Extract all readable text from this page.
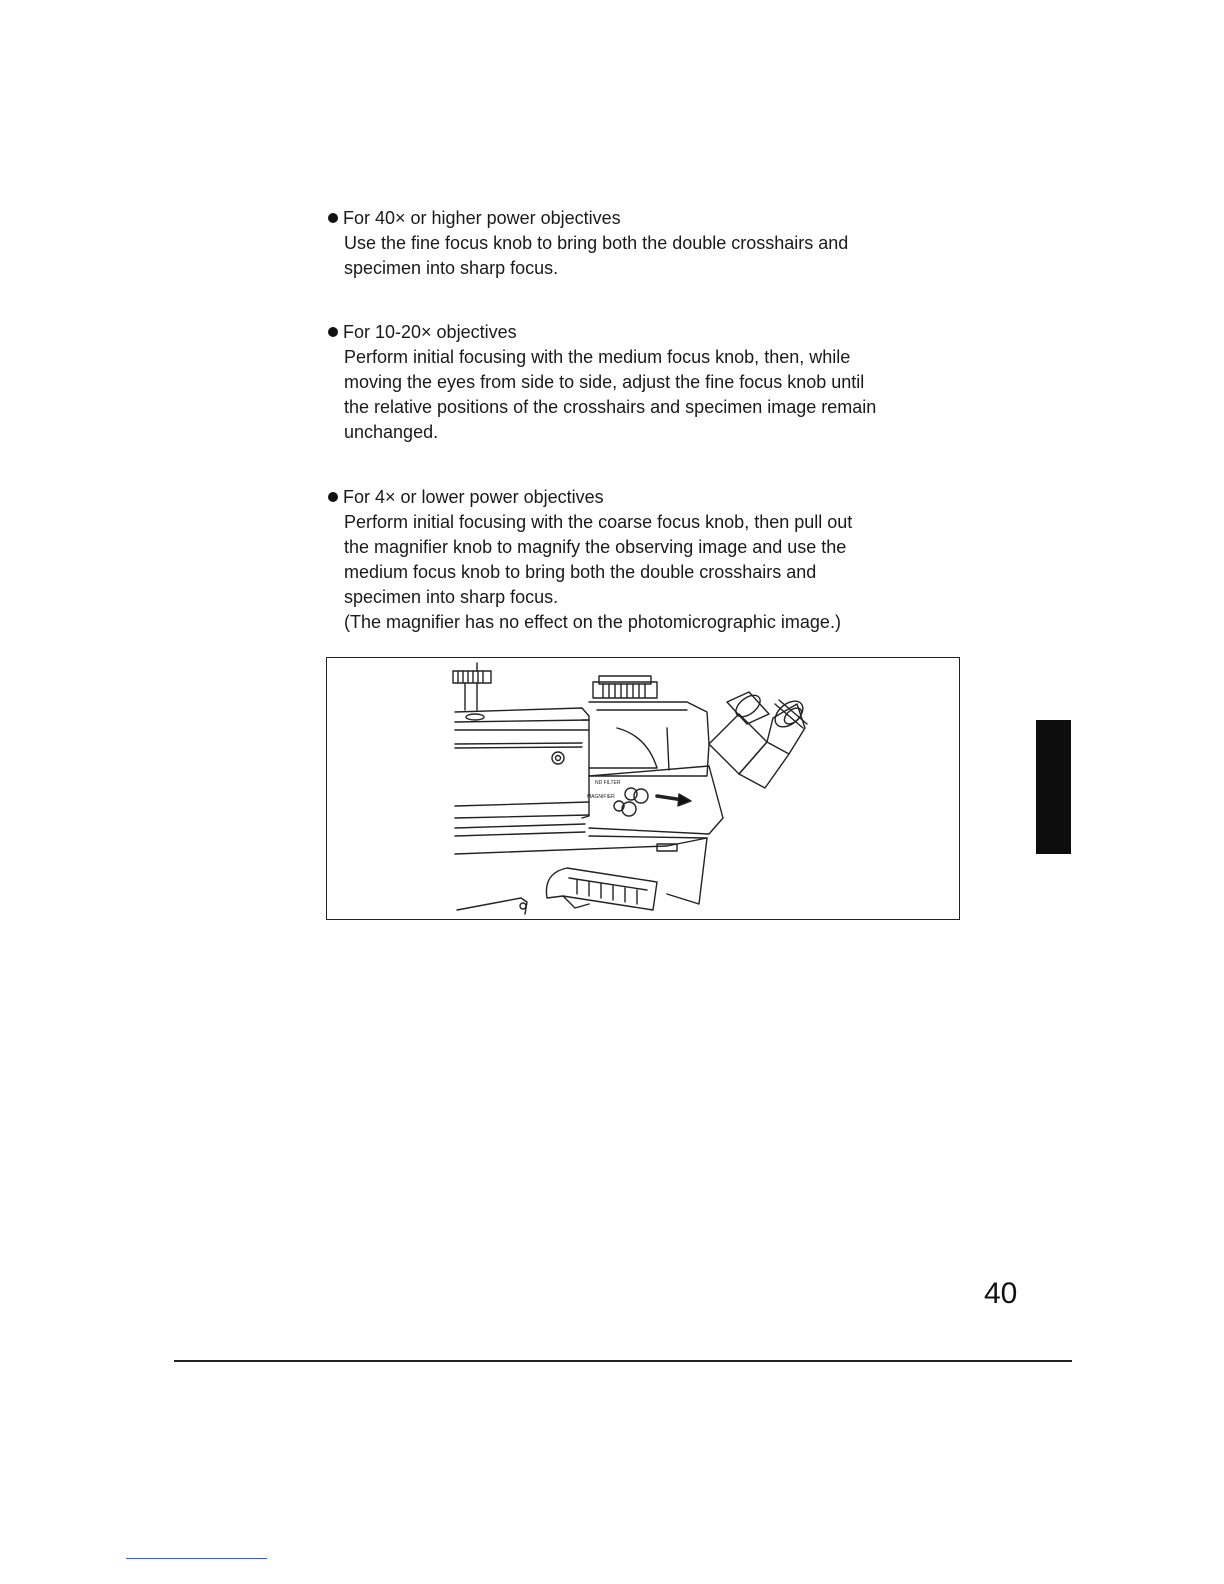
For 40× or higher power objectives
Use the fine focus knob to bring both the double crosshairs and
specimen into sharp focus.
For 10-20× objectives
Perform initial focusing with the medium focus knob, then, while
moving the eyes from side to side, adjust the fine focus knob until
the relative positions of the crosshairs and specimen image remain
unchanged.
For 4× or lower power objectives
Perform initial focusing with the coarse focus knob, then pull out
the magnifier knob to magnify the observing image and use the
medium focus knob to bring both the double crosshairs and
specimen into sharp focus.
(The magnifier has no effect on the photomicrographic image.)
ND FILTER
MAGNIFIER
40
